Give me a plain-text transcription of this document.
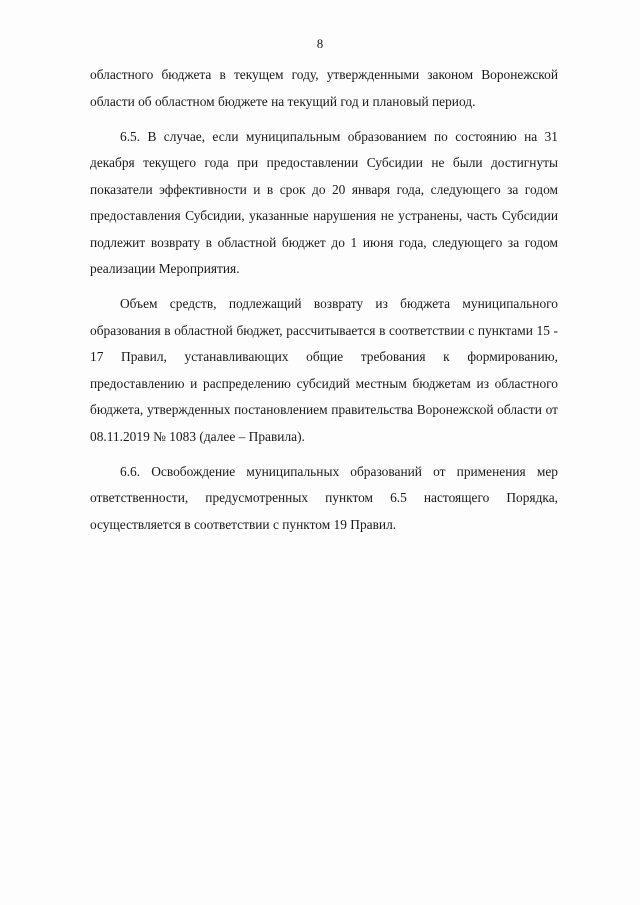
8

областного бюджета в текущем году, утвержденными законом Воронежской области об областном бюджете на текущий год и плановый период.

6.5. В случае, если муниципальным образованием по состоянию на 31 декабря текущего года при предоставлении Субсидии не были достигнуты показатели эффективности и в срок до 20 января года, следующего за годом предоставления Субсидии, указанные нарушения не устранены, часть Субсидии подлежит возврату в областной бюджет до 1 июня года, следующего за годом реализации Мероприятия.

Объем средств, подлежащий возврату из бюджета муниципального образования в областной бюджет, рассчитывается в соответствии с пунктами 15 - 17 Правил, устанавливающих общие требования к формированию, предоставлению и распределению субсидий местным бюджетам из областного бюджета, утвержденных постановлением правительства Воронежской области от 08.11.2019 № 1083 (далее – Правила).

6.6. Освобождение муниципальных образований от применения мер ответственности, предусмотренных пунктом 6.5 настоящего Порядка, осуществляется в соответствии с пунктом 19 Правил.
